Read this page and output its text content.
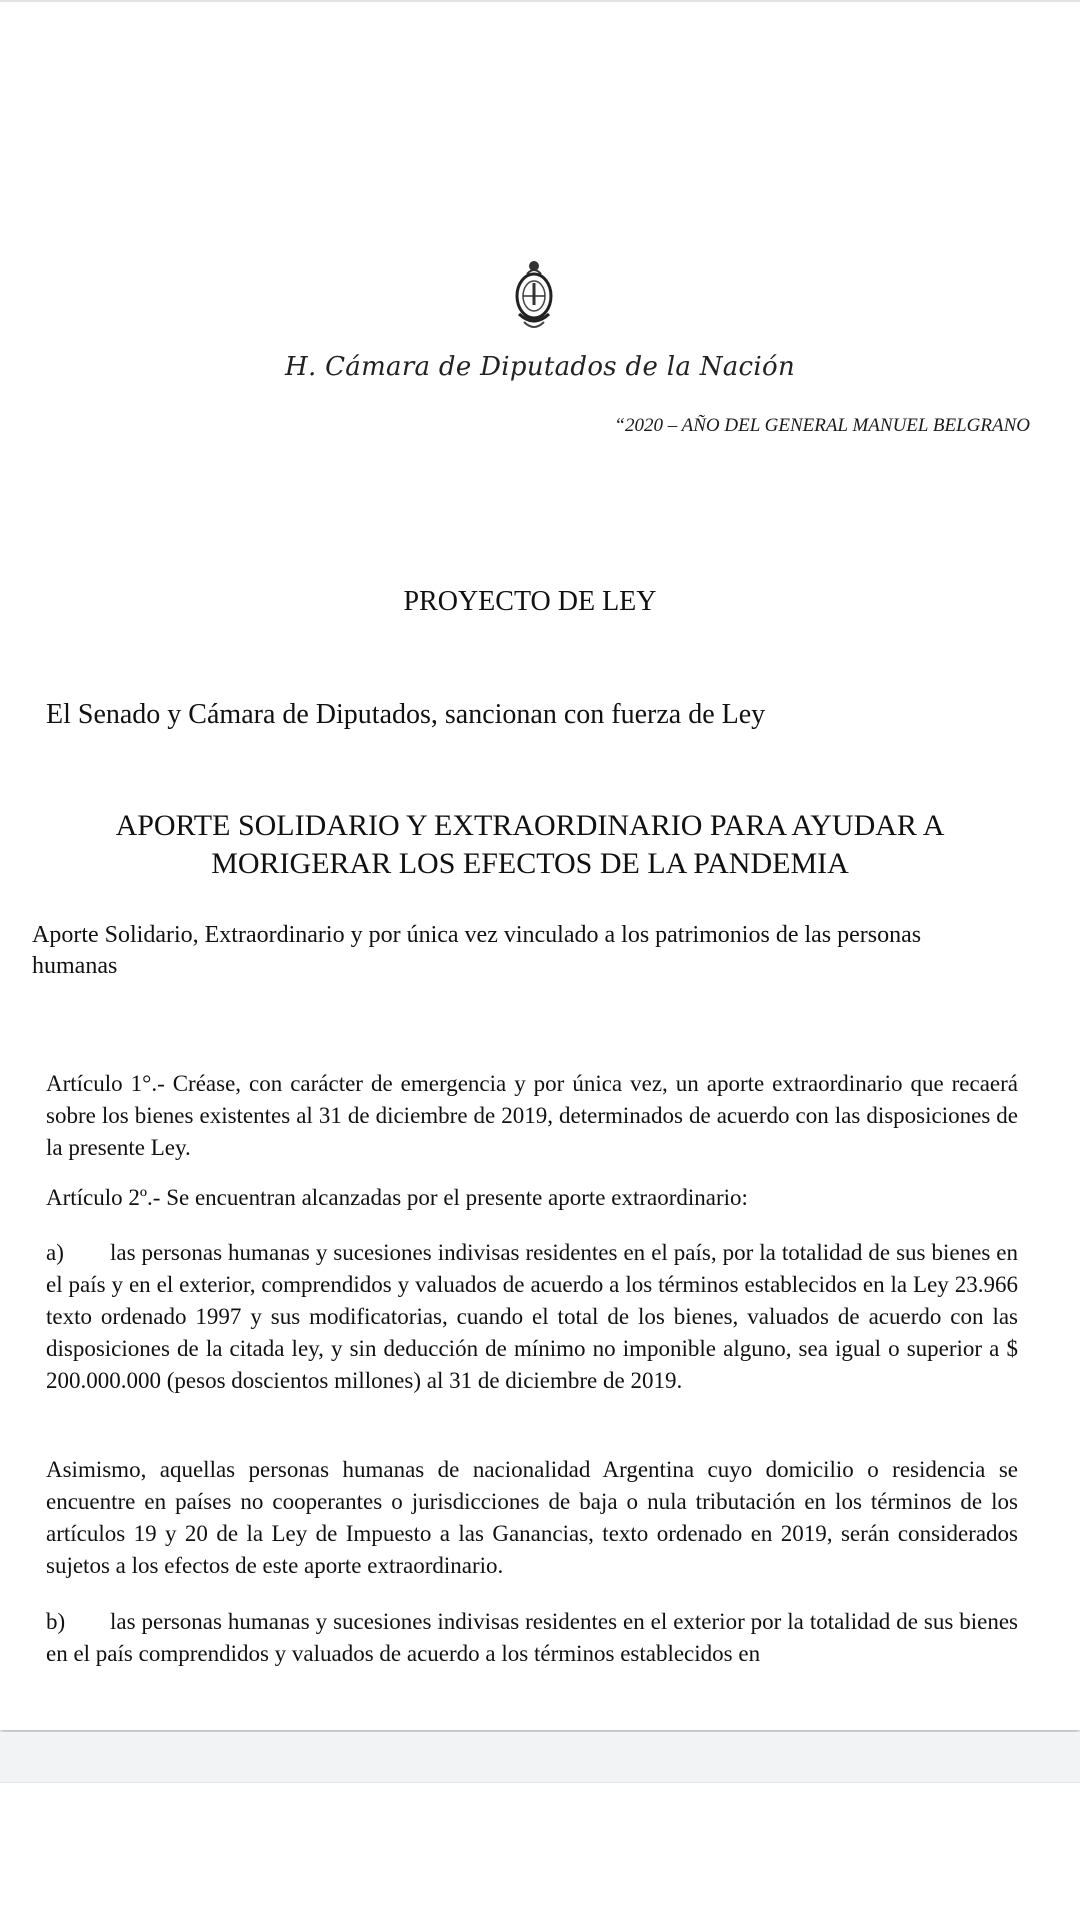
H. Cámara de Diputados de la Nación
“2020 – AÑO DEL GENERAL MANUEL BELGRANO
PROYECTO DE LEY
El Senado y Cámara de Diputados, sancionan con fuerza de Ley
APORTE SOLIDARIO Y EXTRAORDINARIO PARA AYUDAR A MORIGERAR LOS EFECTOS DE LA PANDEMIA
Aporte Solidario, Extraordinario y por única vez vinculado a los patrimonios de las personas humanas
Artículo 1°.- Créase, con carácter de emergencia y por única vez, un aporte extraordinario que recaerá sobre los bienes existentes al 31 de diciembre de 2019, determinados de acuerdo con las disposiciones de la presente Ley.
Artículo 2º.- Se encuentran alcanzadas por el presente aporte extraordinario:
a) las personas humanas y sucesiones indivisas residentes en el país, por la totalidad de sus bienes en el país y en el exterior, comprendidos y valuados de acuerdo a los términos establecidos en la Ley 23.966 texto ordenado 1997 y sus modificatorias, cuando el total de los bienes, valuados de acuerdo con las disposiciones de la citada ley, y sin deducción de mínimo no imponible alguno, sea igual o superior a $ 200.000.000 (pesos doscientos millones) al 31 de diciembre de 2019.
Asimismo, aquellas personas humanas de nacionalidad Argentina cuyo domicilio o residencia se encuentre en países no cooperantes o jurisdicciones de baja o nula tributación en los términos de los artículos 19 y 20 de la Ley de Impuesto a las Ganancias, texto ordenado en 2019, serán considerados sujetos a los efectos de este aporte extraordinario.
b) las personas humanas y sucesiones indivisas residentes en el exterior por la totalidad de sus bienes en el país comprendidos y valuados de acuerdo a los términos establecidos en
